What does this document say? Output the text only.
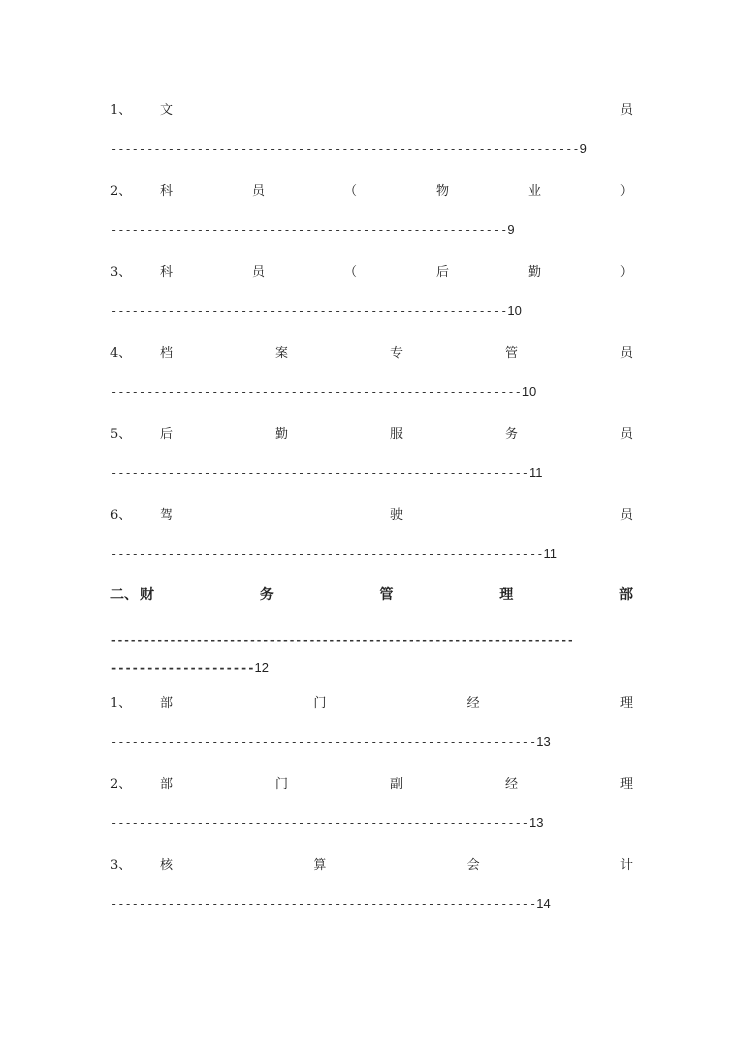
1、	文	员
----------------------------------------------------------------- 9
2、	科	员	（	物	业	）
------------------------------------------------------- 9
3、	科	员	（	后	勤	）
------------------------------------------------------- 10
4、	档	案	专	管	员
--------------------------------------------------------- 10
5、	后	勤	服	务	员
---------------------------------------------------------- 11
6、	驾	驶	员
------------------------------------------------------------ 11
二、 财	务	管	理	部
----------------------------------------------------------------------
-------------------- 12
1、	部	门	经	理
----------------------------------------------------------- 13
2、	部	门	副	经	理
---------------------------------------------------------- 13
3、	核	算	会	计
----------------------------------------------------------- 14
